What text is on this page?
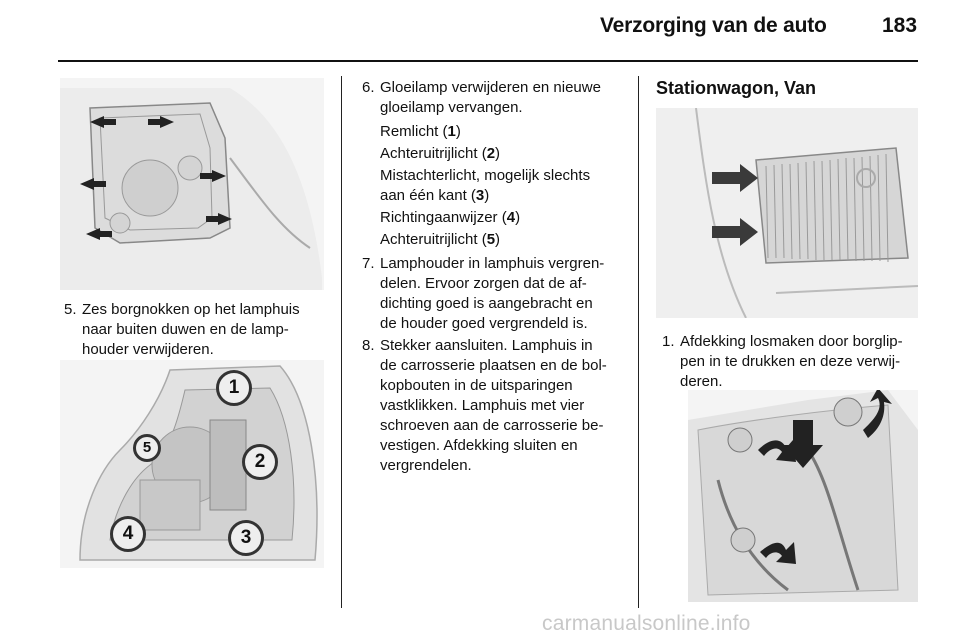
Verzorging van de auto	183
5. Zes borgnokken op het lamphuis
naar buiten duwen en de lamp-
houder verwijderen.
1
2
3
4
5
6. Gloeilamp verwijderen en nieuwe
gloeilamp vervangen.
Remlicht (1)
Achteruitrijlicht (2)
Mistachterlicht, mogelijk slechts
aan één kant (3)
Richtingaanwijzer (4)
Achteruitrijlicht (5)
7. Lamphouder in lamphuis vergren-
delen. Ervoor zorgen dat de af-
dichting goed is aangebracht en
de houder goed vergrendeld is.
8. Stekker aansluiten. Lamphuis in
de carrosserie plaatsen en de bol-
kopbouten in de uitsparingen
vastklikken. Lamphuis met vier
schroeven aan de carrosserie be-
vestigen. Afdekking sluiten en
vergrendelen.
Stationwagon, Van
1. Afdekking losmaken door borglip-
pen in te drukken en deze verwij-
deren.
carmanualsonline.info
